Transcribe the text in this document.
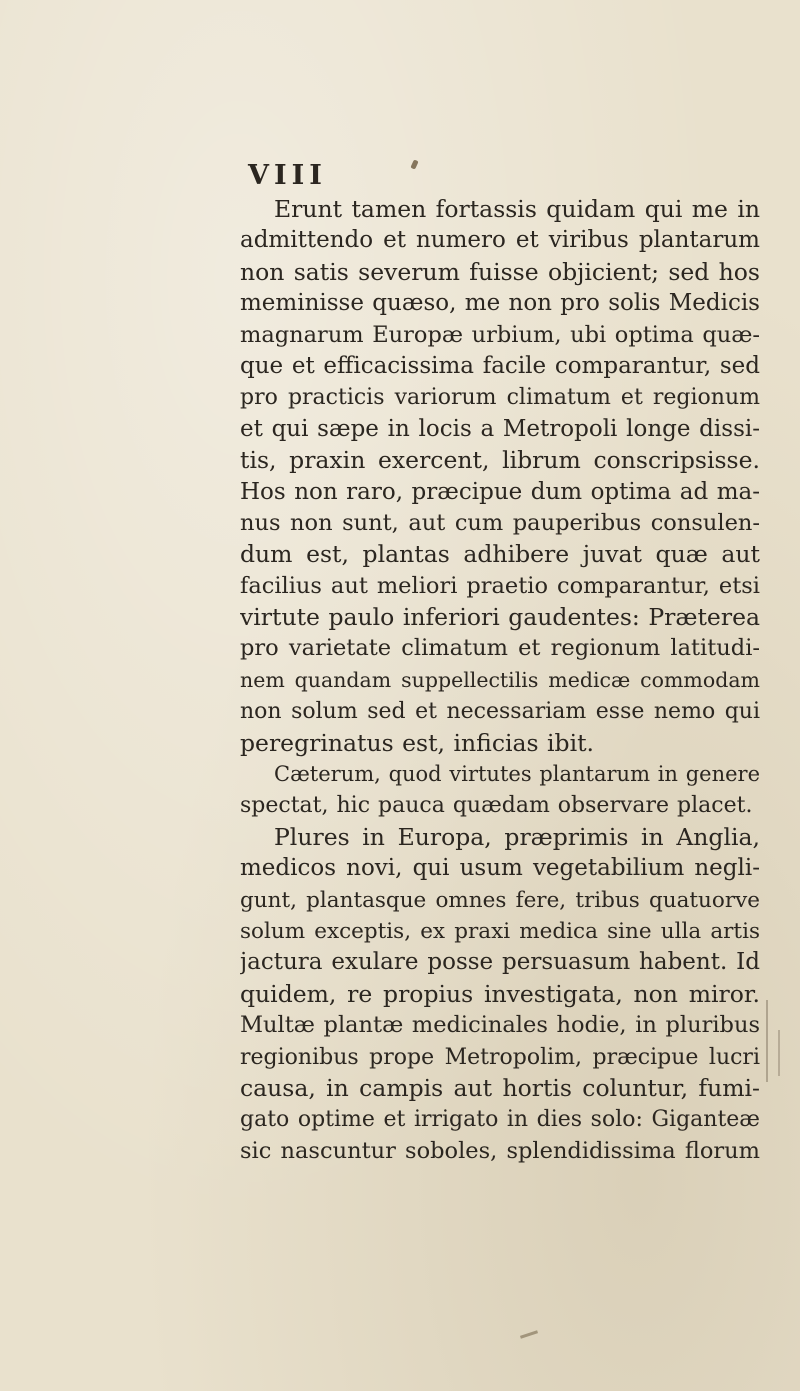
VIII
Erunt tamen fortassis quidam qui me in
admittendo et numero et viribus plantarum
non satis severum fuisse objicient; sed hos
meminisse quæso, me non pro solis Medicis
magnarum Europæ urbium, ubi optima quæ-
que et efficacissima facile comparantur, sed
pro practicis variorum climatum et regionum
et qui sæpe in locis a Metropoli longe dissi-
tis, praxin exercent, librum conscripsisse.
Hos non raro, præcipue dum optima ad ma-
nus non sunt, aut cum pauperibus consulen-
dum est, plantas adhibere juvat quæ aut
facilius aut meliori praetio comparantur, etsi
virtute paulo inferiori gaudentes: Præterea
pro varietate climatum et regionum latitudi-
nem quandam suppellectilis medicæ commodam
non solum sed et necessariam esse nemo qui
peregrinatus est, inficias ibit.
Cæterum, quod virtutes plantarum in genere
spectat, hic pauca quædam observare placet.
Plures in Europa, præprimis in Anglia,
medicos novi, qui usum vegetabilium negli-
gunt, plantasque omnes fere, tribus quatuorve
solum exceptis, ex praxi medica sine ulla artis
jactura exulare posse persuasum habent. Id
quidem, re propius investigata, non miror.
Multæ plantæ medicinales hodie, in pluribus
regionibus prope Metropolim, præcipue lucri
causa, in campis aut hortis coluntur, fumi-
gato optime et irrigato in dies solo: Giganteæ
sic nascuntur soboles, splendidissima florum
